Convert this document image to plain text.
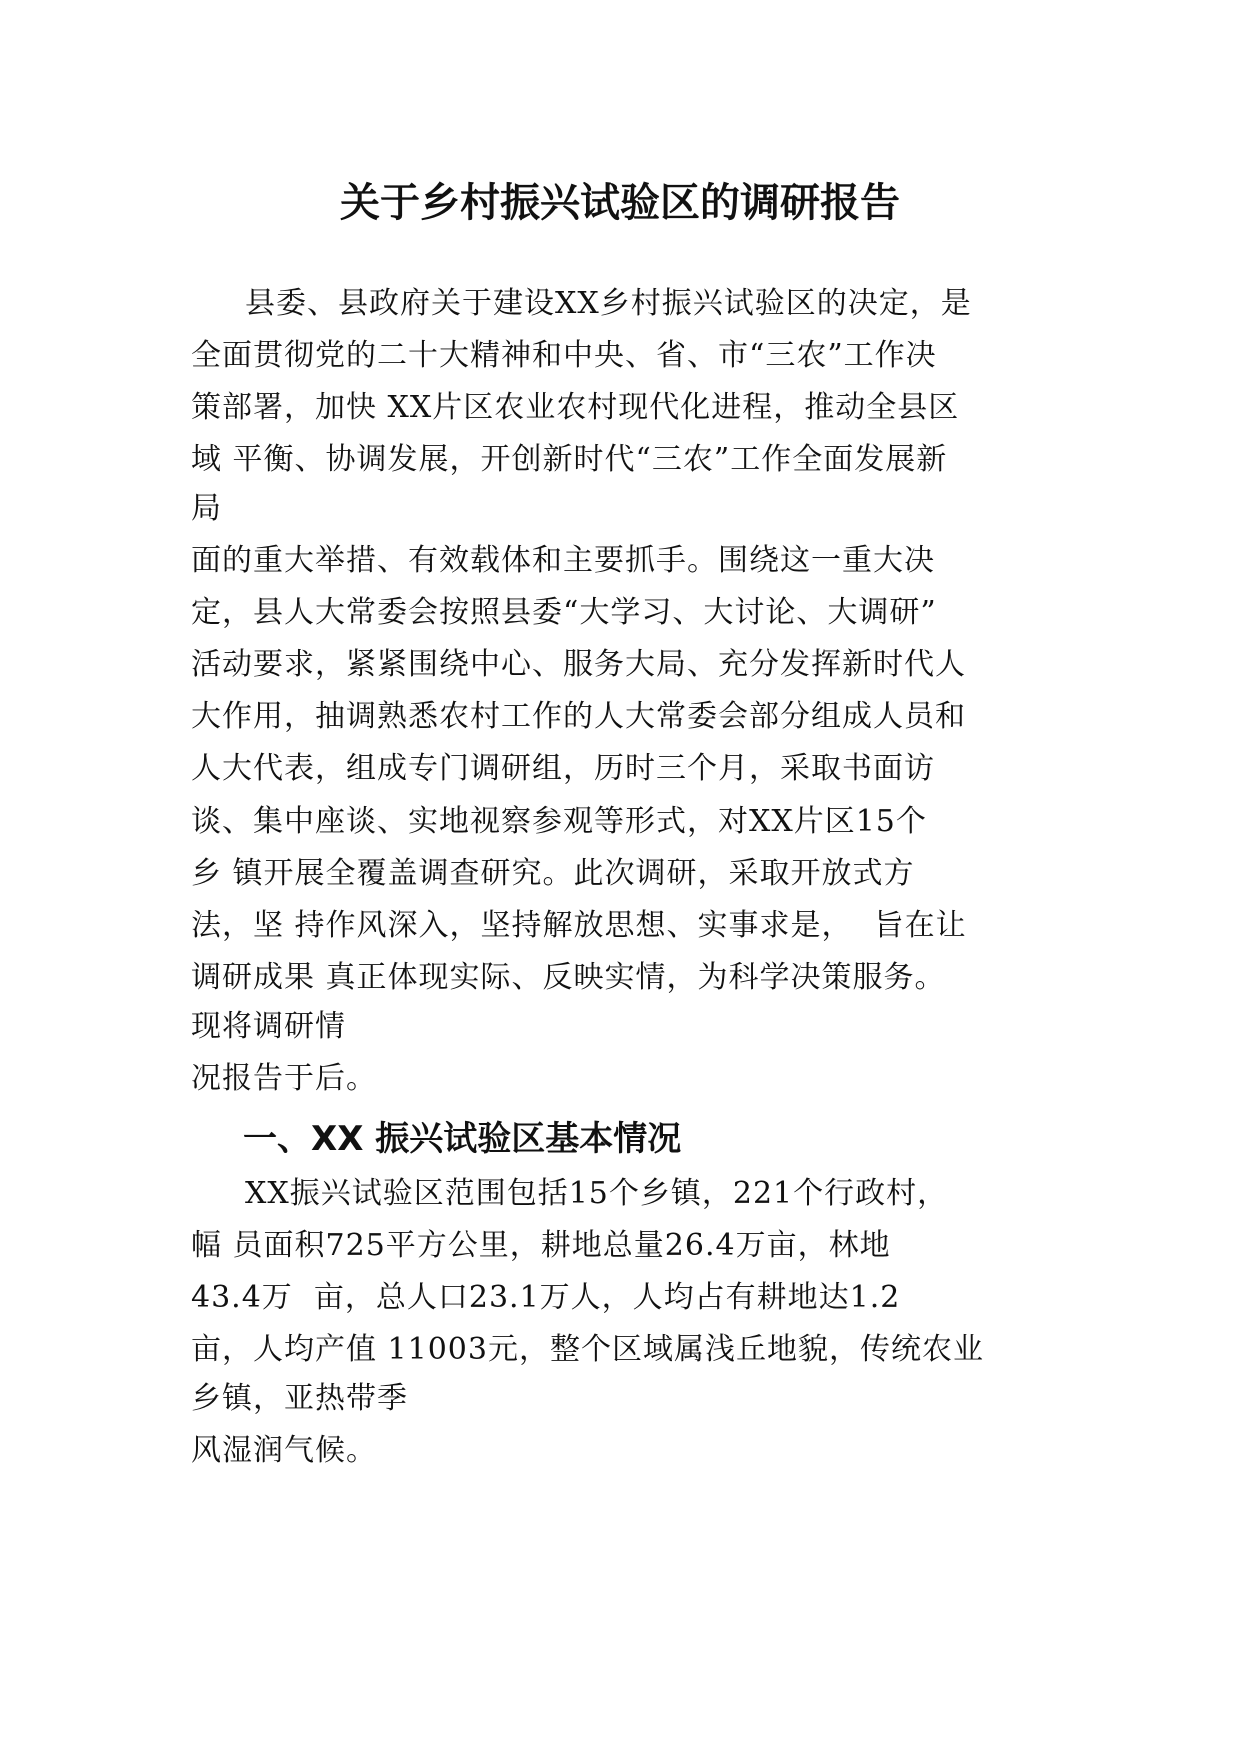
关于乡村振兴试验区的调研报告
县委、县政府关于建设XX乡村振兴试验区的决定，是
全面贯彻党的二十大精神和中央、省、市“三农”工作决
策部署，加快 XX片区农业农村现代化进程，推动全县区
域 平衡、协调发展，开创新时代“三农”工作全面发展新
局
面的重大举措、有效载体和主要抓手。围绕这一重大决
定，县人大常委会按照县委“大学习、大讨论、大调研”
活动要求，紧紧围绕中心、服务大局、充分发挥新时代人
大作用，抽调熟悉农村工作的人大常委会部分组成人员和
人大代表，组成专门调研组，历时三个月，采取书面访
谈、集中座谈、实地视察参观等形式，对XX片区15个
乡 镇开展全覆盖调查研究。此次调研，采取开放式方
法，坚 持作风深入，坚持解放思想、实事求是，  旨在让
调研成果 真正体现实际、反映实情，为科学决策服务。
现将调研情
况报告于后。
一、XX 振兴试验区基本情况
XX振兴试验区范围包括15个乡镇，221个行政村，
幅 员面积725平方公里，耕地总量26.4万亩，林地
43.4万  亩，总人口23.1万人，人均占有耕地达1.2
亩，人均产值 11003元，整个区域属浅丘地貌，传统农业
乡镇，亚热带季
风湿润气候。
